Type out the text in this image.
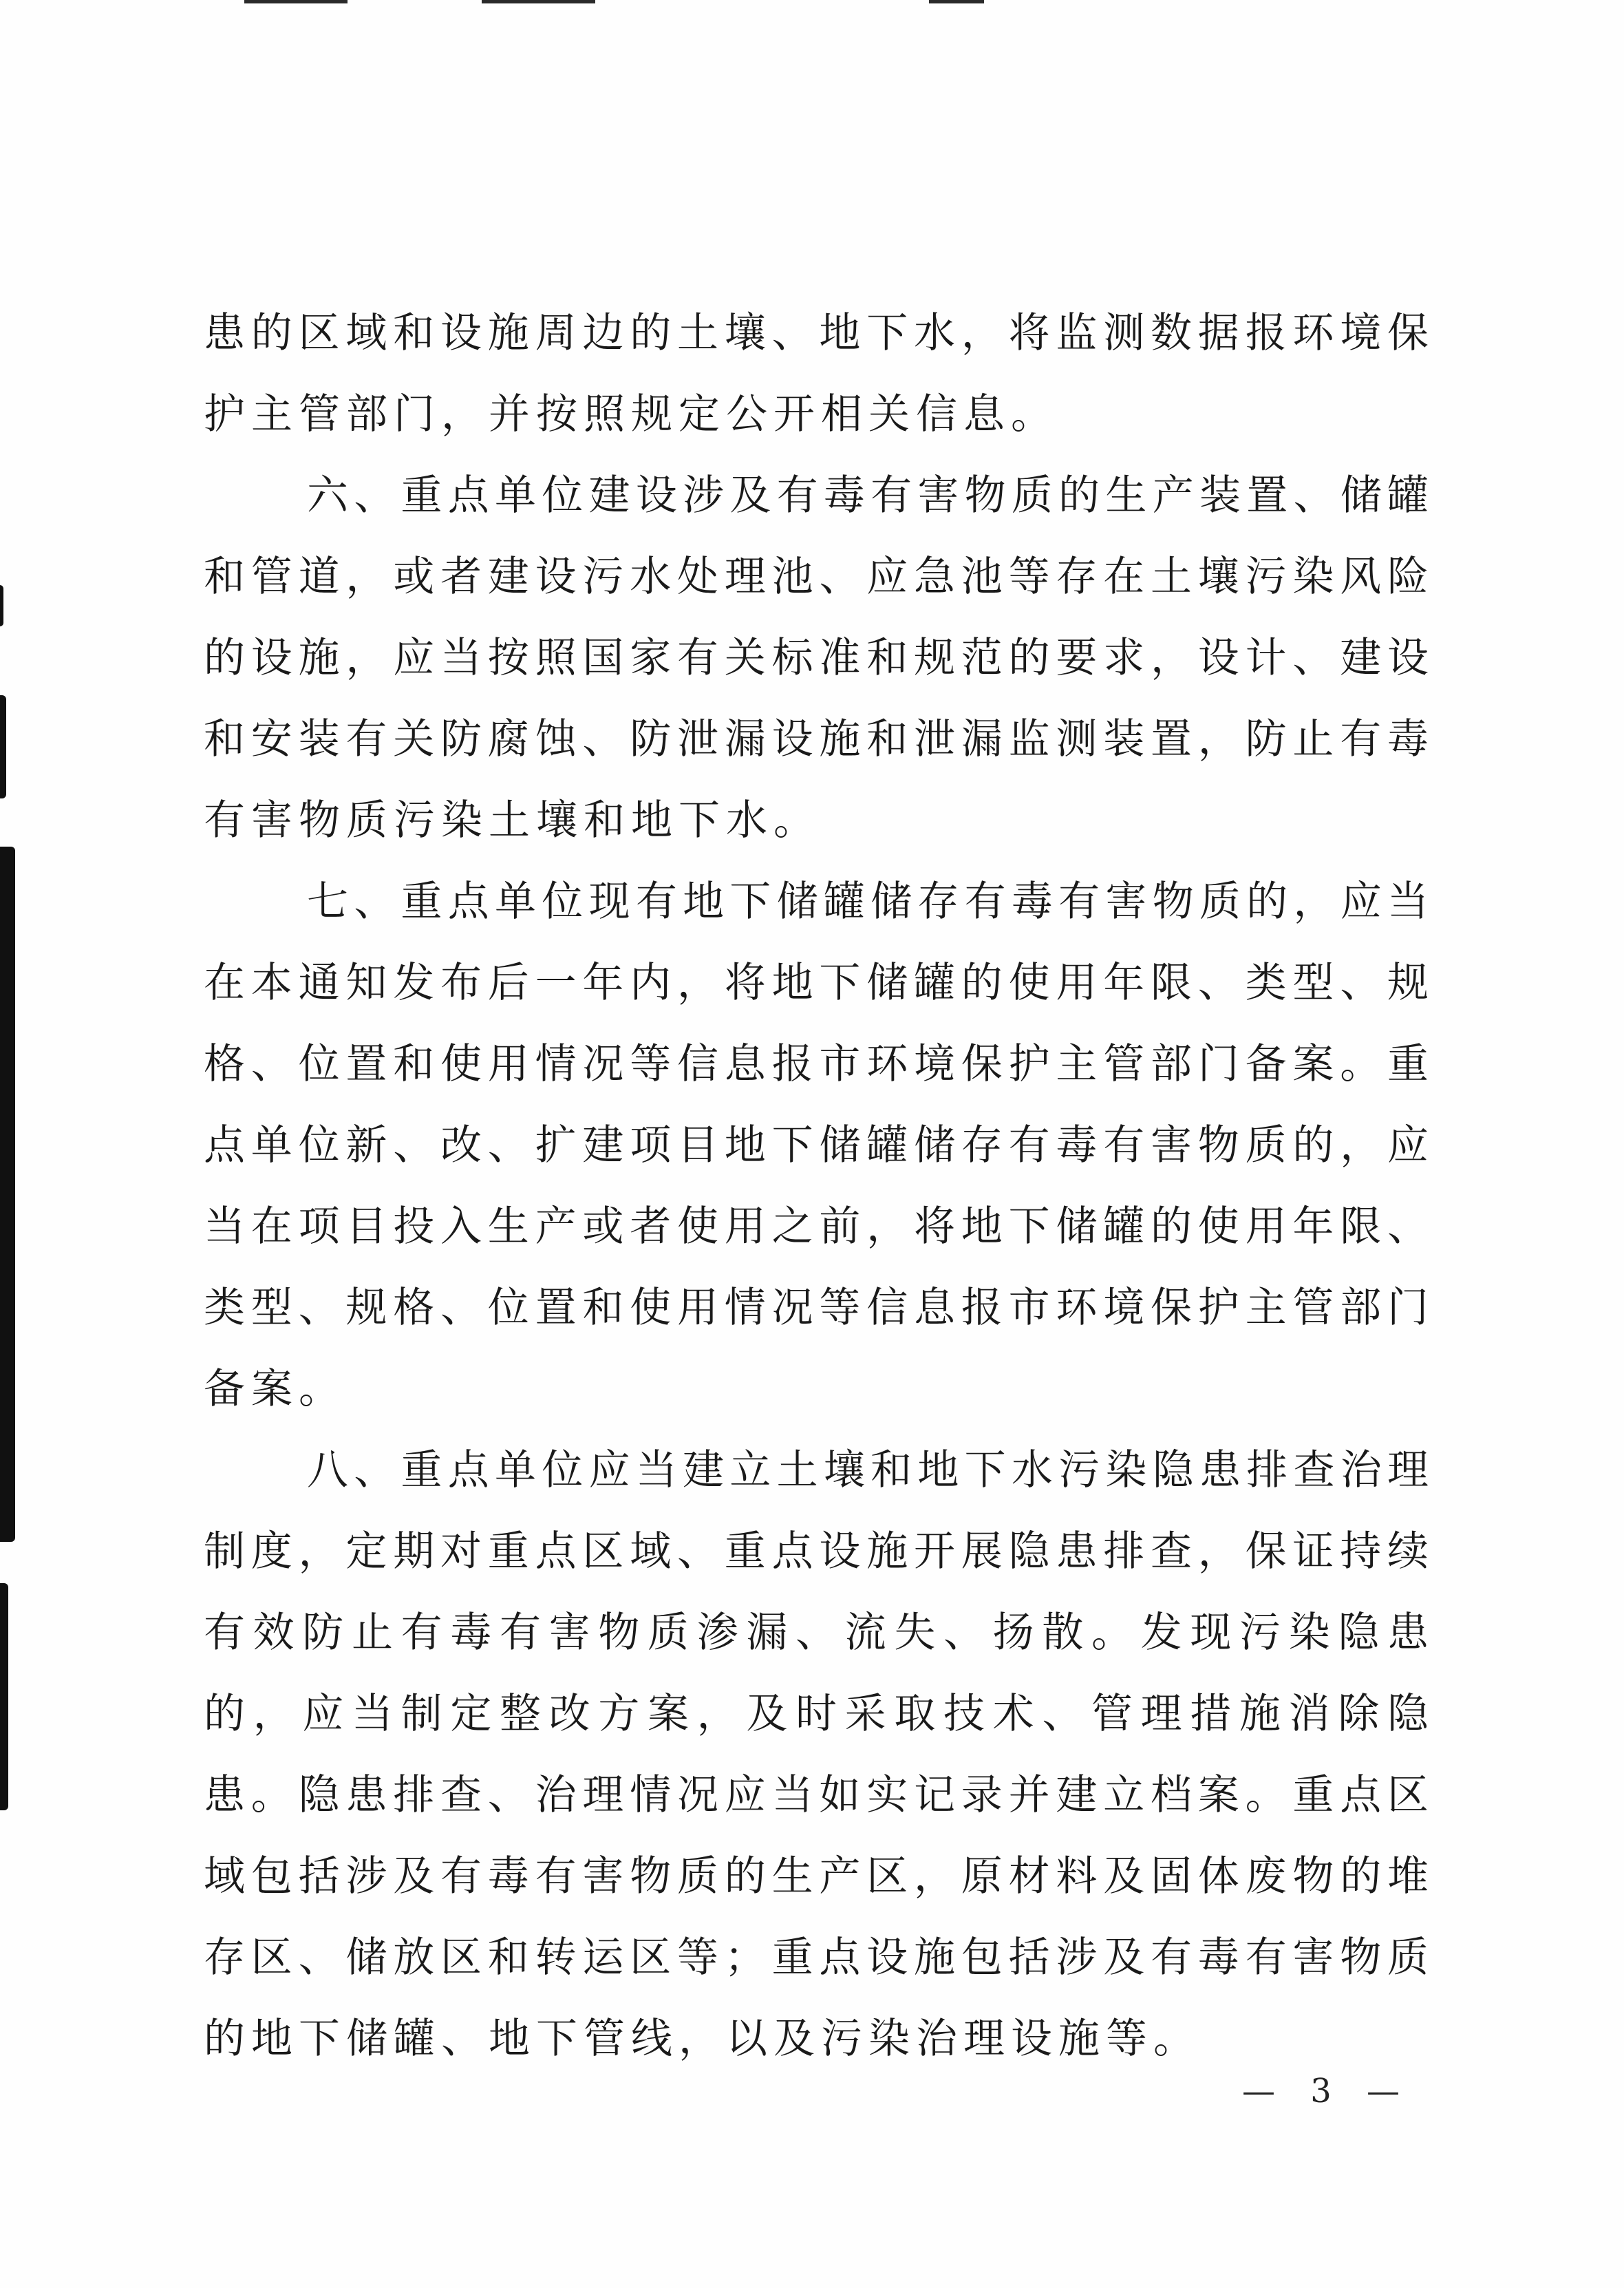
患的区域和设施周边的土壤、地下水，将监测数据报环境保
护主管部门，并按照规定公开相关信息。
六、重点单位建设涉及有毒有害物质的生产装置、储罐
和管道，或者建设污水处理池、应急池等存在土壤污染风险
的设施，应当按照国家有关标准和规范的要求，设计、建设
和安装有关防腐蚀、防泄漏设施和泄漏监测装置，防止有毒
有害物质污染土壤和地下水。
七、重点单位现有地下储罐储存有毒有害物质的，应当
在本通知发布后一年内，将地下储罐的使用年限、类型、规
格、位置和使用情况等信息报市环境保护主管部门备案。重
点单位新、改、扩建项目地下储罐储存有毒有害物质的，应
当在项目投入生产或者使用之前，将地下储罐的使用年限、
类型、规格、位置和使用情况等信息报市环境保护主管部门
备案。
八、重点单位应当建立土壤和地下水污染隐患排查治理
制度，定期对重点区域、重点设施开展隐患排查，保证持续
有效防止有毒有害物质渗漏、流失、扬散。发现污染隐患
的，应当制定整改方案，及时采取技术、管理措施消除隐
患。隐患排查、治理情况应当如实记录并建立档案。重点区
域包括涉及有毒有害物质的生产区，原材料及固体废物的堆
存区、储放区和转运区等；重点设施包括涉及有毒有害物质
的地下储罐、地下管线，以及污染治理设施等。
— 3 —
